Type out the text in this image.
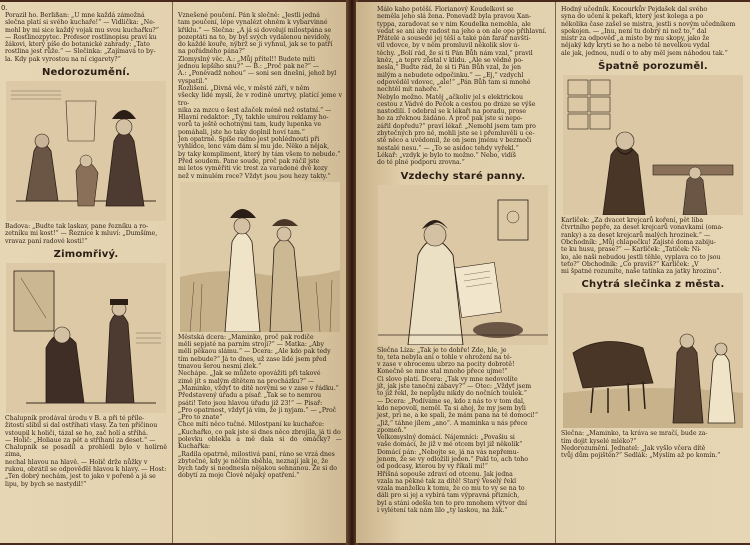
0.
Poraził ho. Berlißan: „U mne každá zámožná
slečna platí si svého kuchaře!“ — Vidlička: „Ne-
mohl by mi sice každý vojak mu svou kuchařku?“
— Rostlinozpytec. Profesor rostlinopisu praví ku
žákovi, který píše do botanické zahrady: „Tato
rostlina jest růže.“ — Slečinka: „Zajímavá to by-
la. Kdy pak vyrostou na ní cigarety?“
Nedorozumění.
Badova: „Budte tak laskav, pane řezníku a ro-
zetníku mi kost!“ — Řezníce k mluví: „Dumšíme,
vravaz paní radové kosti!“
Zimomřivý.
Chalupník prodával úrodu v B. a při té příle-
žitosti slíbil si dal ostříhati vlasy. Za ten příčinou
vstoupil k holiči, tázal se ho, zač holí a stříhá.
— Holič: „Holiaue za pět a stříhaní za deset.“ —
Chalupník se posadil a prohlédl bylo v holírně zima,
nechal hlavou na hlavě. — Holič drže nůžky v
rukou, obrátil se odpověďěl hlavou k hlavy. — Host:
„Ten dobrý nechám, jest to jako v pořeně a já se
lipu, by bych se nastydil!“
Vznešené poučení. Pán k slečně: „Jestli jedná
tam poučení, lépe vynalézt ohněm k vybarvinné
křiklu.“ — Slečna: „A já si dovolují milostpána se
pozeptáti na to, by byl svých vydalenou nevidoly,
do každé kouře, nýbrž se ji vyhnul, jak se to patří
na pořádného pána?“
Zlomyslný věc. A.: „Můj přítel!! Budete míti
jednou lepšího snu?“ — B.: „Proč pak ne?“ —
A.: „Poněvadž nohou“ — soni sen dnešní, jehož byl
vyspatil.“
Rozlišení. „Divná věc, v městě září, v něm
všecky lidé myslí, že v rodině umrtvy, platící jeme v tro-
nika za mzcu o šest ažaček méně než ostatní.“ —
Hlavní redaktor: „Ty, takhle umírou reklamy ho-
vorů ta ještě ochotnými tam, kudy lupenka ve
pomáhali, jste ho taky doplnil hoví tam.“
Jen opatrně. Spíše radno jest pohlédnouti při
vyhlídce, lenc vám dám si mu jde. Něko a nějak,
by taky kompliment, který by tám všem to nebude.“
Před soudem. Pane soude, proč pak ráčil jste
mi letos vyměřiti víc trest za varadené dvě kozy
než v minulém roce? Vždyt jsou jsou hezy takty.“
Městská dcera: „Maminko, proč pak rodiče
měli sepjaté na parním stroji?“ — Matka: „Aby
měli pěkaou slámu.“ — Dcera: „Ale kdo pak tedy
tím nebude?“ Já to dnes, už zase lidé jsem před
tmavou šerou nesmí zlek.“
Nechápe. „Jak se můžete opovážiti při takové
zimě jít s malým dítětem na procházku?“ —
„Maminko, vždyť to dítě novými se v zase v řádku.“
Představený úřadu a písař. „Tak se to nemrou
psáti! Teto jsou hlavou úřadu již 23!“ — Písař:
„Pro opatrnost, vždyť já vím, že ji nyjam.“ — „Proč
„Pro to znate“
Chce míti něco tučné. Milostpaní ke kuchařce:
„Kuchařko, co pak jste si dnes něco zbrojila, já ti do
polevku oblekla a mě dala si do omáčky? — Kuchařka:
„Radila opatrně, milostivá paní, ráno se vrzá dnes
zbytečné, kdy je něčím sběhla, neznají jak je, že
bych tady si neodnesla nějakou sehnanou. Že si do
dobytí za moje Člově nějaký opatření.“
Málo kaho potěší. Florianový Koudelkovi se
neměla jeho slá žena. Ponevadž byla pravou Xan-
typpa, zarađovat se v nim Koudelka nemohla, ale
vedat se ani aby radost na jeho a on ale opo přihlavní.
Přátelé a sousedé jej těší a také pán farář navští-
vil vdovce, by v něm promluvil několik slov ú-
těchy. „Bolí rád, že si ti Pán Bůh nám vzal,“ pravil
kněz, „a teprv zůstal v klidu. „Ale se vědně po-
nesla,“ Budte rád, že si ti Pán Bůh vzal, že jen
milým a nebudete odpočinku.“ — „Ej,“ vzdychl
odpověděl vdovec, „ale!“ „Pán Bůh tam si mnohé
nechtěl mít nahoře.“
Nebylo možno. Matěj „ačkoliv jel s elektrickou
cestou z Vádvě do Pečok a cestou po dráze se výše
nastodilí. I odebral se k lékaři na poradu, prose
ho za zřeknou žádáno. A proč pak jste si nepo-
zářil dopředu?“ praví lékař. „Nemohl jsem tam pro
zbytečných pro ně, mohli jste se i přemluvěli u ce-
stě něco a uvědomil, že on jsem jménu v bezmoči
nestalé nesu.“ — „To se asidoc tehdy vyřekl.“
Lékař: „vzdyk je bylo to možno.“ Nebo, vidíš
do té plné podporu zrovna.“
Vzdechy staré panny.
Slečna Líza: „Tak je to dobře! Zde, hle, je
to, teta nebyla ani o tohle v ohrožení na té-
v zase v obrocemu ubrzo na pocity dobrotě!
Konečně se mne stal mnoho přece ujme!“
Ci slovo platí. Dcera: „Tak vy mne nedovolíte
jít, jak jste tanečni zábavy?“ — Otec: „Vždyť jsem
to již řekl, že nepůjdu nikdy do nočních toulek.“
— Dcera: „Podíváme se, kdo z nás to v tom dal,
kdo nepovolí, neměl. Ta si ahoj, že my jsem byli
jest, pri ne, a ke spali, že mám pana na té domoci!“
„Již,“ táhne jílem „ano“. A maminka u nás přece
zpomeň.“
Velkomyslný domácí. Nájemníci: „Povašiu si
vaše domácí, že již v mé otcem byl již několik“
Domácí pán: „Nebojte se, já na vás nepřemu-
jenom, že se vy odložili jeden.“ Pakl to, ach toho
od podcasy, kterou by vy říkali mi!“
Hříšná sopouše zdraví od otcenu. Jak jedna
vzala na pěkné tak za dítě! Starý Veselý řekl
vzala manželku k tomu, že co mu to vy se na to
dáli pro si jej a vybírá tam výpravná přizních,
byl a stáni odešla ten to pro mnohem výtvor dní
i vylétení tak nám lilo „ty laskou, na žák.“
Hodný učedník. Kocourkův Pejdašek dal svého
syna do učení k pekaři, který jest kolega a po
několika čase zašel se mistra, jestli s novým učedníkem
spokojen. — „Inu, není tu dobrý ni než to,“ dal
mistr za odpověď „a místo by mu skopy, jako že
nějaký kdy kryti se ho a nebo té nevelkou vydal
ale jak, jednou, nudí o to aby měl jsem náhodou tak.“
Špatně porozuměl.
Karlíček: „Za dvacet krejcarů koření, pět liba
čtvrtního pepře, za deset krejcarů vonavkami (oma-
ranky) a za deset krejcarů malých hrozinek.“ —
Obchodník: „Můj chlapečku! Zajisté doma zabiju-
te ku husu, prase?“ — Karlíček: „Tatíček: Ni-
ko, ale naši nebudou jestli těhle, vyplava co to jsou
teťo?“ Obchodník: „Co pravíš?“ Karlíček: „V
mi špatné rozumíte, naše tatínka za jatky hrozinu“.
Chytrá slečinka z města.
Slečna: „Maminko, ta kráva se mračí, bude za-
tím dojit kyselé mléko?“
Nedorozumění. Jednatel: „Jak vyšlo včera dítě
tvůj dům pojištěn?“ Sedlák: „Myslím až po komín.“
